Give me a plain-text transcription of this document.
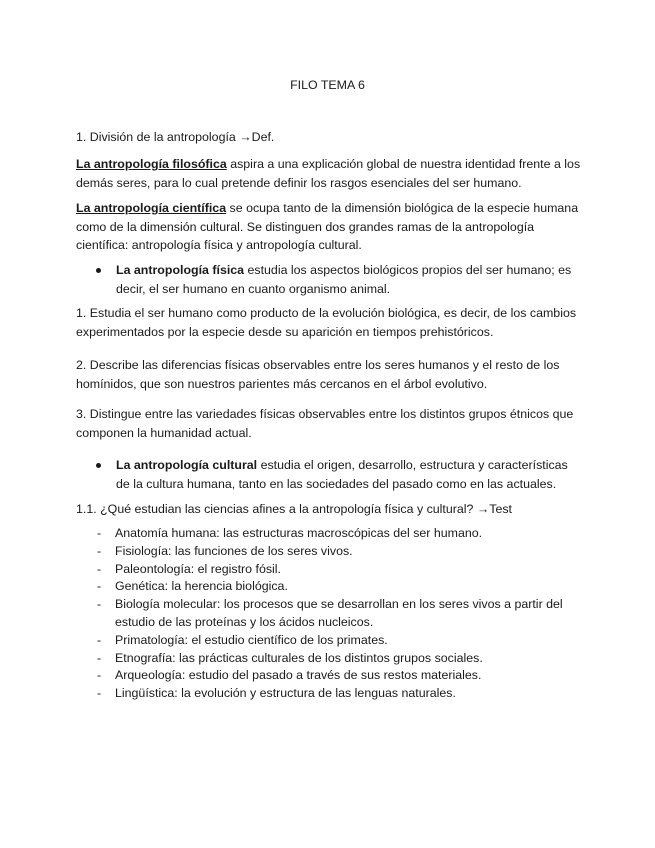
FILO TEMA 6

1. División de la antropología →Def.

La antropología filosófica aspira a una explicación global de nuestra identidad frente a los demás seres, para lo cual pretende definir los rasgos esenciales del ser humano.

La antropología científica se ocupa tanto de la dimensión biológica de la especie humana como de la dimensión cultural. Se distinguen dos grandes ramas de la antropología científica: antropología física y antropología cultural.

La antropología física estudia los aspectos biológicos propios del ser humano; es decir, el ser humano en cuanto organismo animal.

1. Estudia el ser humano como producto de la evolución biológica, es decir, de los cambios experimentados por la especie desde su aparición en tiempos prehistóricos.

2. Describe las diferencias físicas observables entre los seres humanos y el resto de los homínidos, que son nuestros parientes más cercanos en el árbol evolutivo.

3. Distingue entre las variedades físicas observables entre los distintos grupos étnicos que componen la humanidad actual.

La antropología cultural estudia el origen, desarrollo, estructura y características de la cultura humana, tanto en las sociedades del pasado como en las actuales.

1.1. ¿Qué estudian las ciencias afines a la antropología física y cultural? →Test

- Anatomía humana: las estructuras macroscópicas del ser humano.
- Fisiología: las funciones de los seres vivos.
- Paleontología: el registro fósil.
- Genética: la herencia biológica.
- Biología molecular: los procesos que se desarrollan en los seres vivos a partir del estudio de las proteínas y los ácidos nucleicos.
- Primatología: el estudio científico de los primates.
- Etnografía: las prácticas culturales de los distintos grupos sociales.
- Arqueología: estudio del pasado a través de sus restos materiales.
- Lingüística: la evolución y estructura de las lenguas naturales.
